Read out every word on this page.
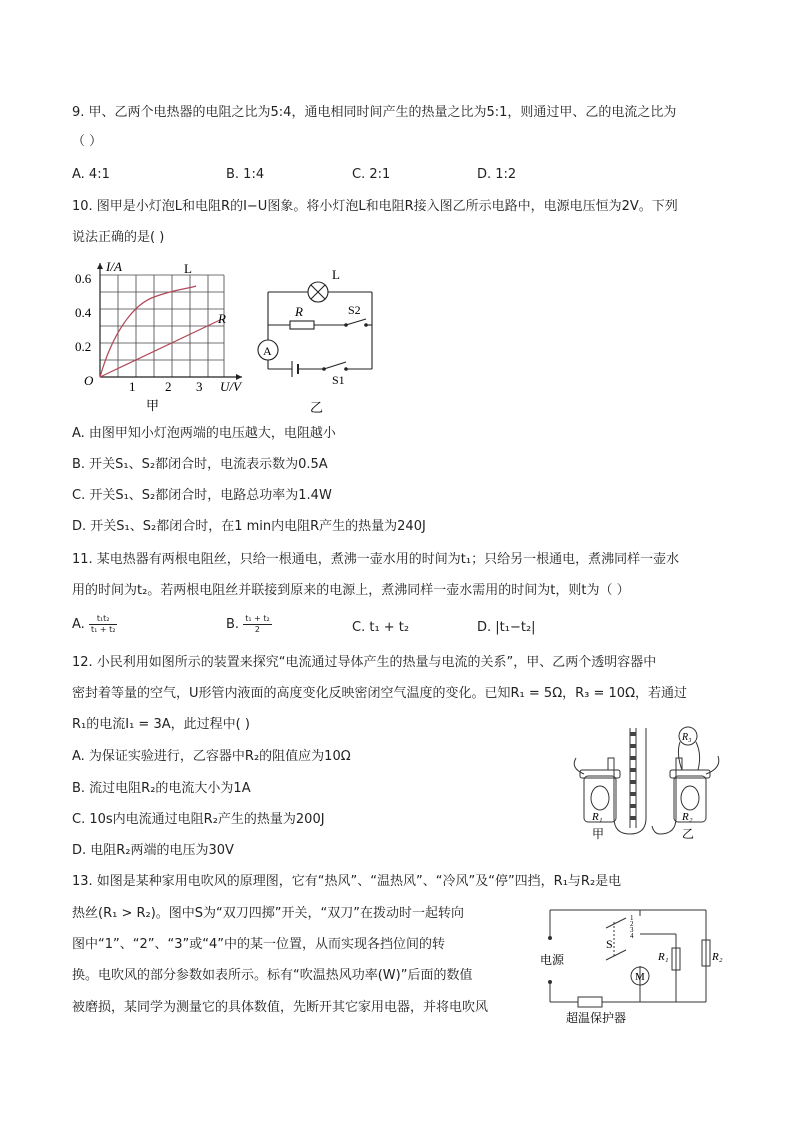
9. 甲、乙两个电热器的电阻之比为5:4，通电相同时间产生的热量之比为5:1，则通过甲、乙的电流之比为
（ ）
A. 4:1	B. 1:4	C. 2:1	D. 1:2
10. 图甲是小灯泡L和电阻R的I−U图象。将小灯泡L和电阻R接入图乙所示电路中，电源电压恒为2V。下列
说法正确的是( )
I/A
0.6
0.4
0.2
O	1 2 3 U/V
L
R
甲
L
R	S2
S1
A
乙
A. 由图甲知小灯泡两端的电压越大，电阻越小
B. 开关S₁、S₂都闭合时，电流表示数为0.5A
C. 开关S₁、S₂都闭合时，电路总功率为1.4W
D. 开关S₁、S₂都闭合时，在1 min内电阻R产生的热量为240J
11. 某电热器有两根电阻丝，只给一根通电，煮沸一壶水用的时间为t₁；只给另一根通电，煮沸同样一壶水
用的时间为t₂。若两根电阻丝并联接到原来的电源上，煮沸同样一壶水需用的时间为t，则t为（ ）
A. $\frac{\text{t₁t₂}}{\text{t₁ + t₂}}$	B. $\frac{\text{t₁ + t₂}}{2}$	C. t₁ + t₂	D. |t₁−t₂|
12. 小民利用如图所示的装置来探究“电流通过导体产生的热量与电流的关系”，甲、乙两个透明容器中
密封着等量的空气，U形管内液面的高度变化反映密闭空气温度的变化。已知R₁ = 5Ω，R₃ = 10Ω，若通过
R₁的电流I₁ = 3A，此过程中( )
A. 为保证实验进行，乙容器中R₂的阻值应为10Ω
B. 流过电阻R₂的电流大小为1A
C. 10s内电流通过电阻R₂产生的热量为200J
D. 电阻R₂两端的电压为30V
R₁	R₂
R₃
甲	乙
13. 如图是某种家用电吹风的原理图，它有“热风”、“温热风”、“冷风”及“停”四挡，R₁与R₂是电
热丝(R₁ > R₂)。图中S为“双刀四掷”开关，“双刀”在拨动时一起转向
图中“1”、“2”、“3”或“4”中的某一位置，从而实现各挡位间的转
换。电吹风的部分参数如表所示。标有“吹温热风功率(W)”后面的数值
被磨损，某同学为测量它的具体数值，先断开其它家用电器，并将电吹风
电源
S
M
R₁	R₂
1
2
3
4
超温保护器
